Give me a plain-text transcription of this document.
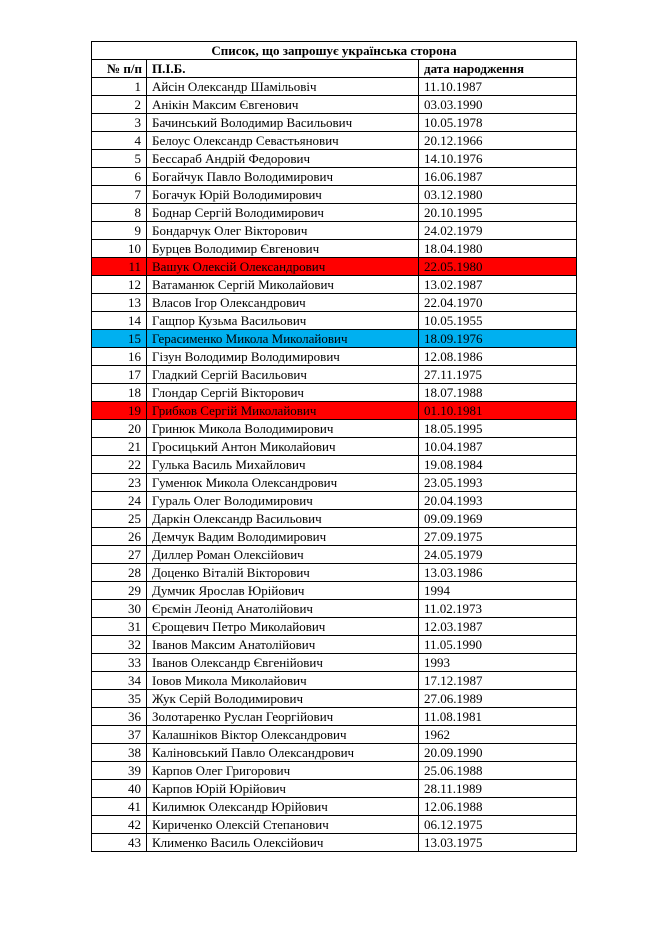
Список, що запрошує українська сторона		
№ п/п	П.І.Б.	дата народження
1	Айсін Олександр Шамільовіч	11.10.1987
2	Анікін Максим Євгенович	03.03.1990
3	Бачинський Володимир Васильович	10.05.1978
4	Белоус Олександр Севастьянович	20.12.1966
5	Бессараб Андрій Федорович	14.10.1976
6	Богайчук Павло Володимирович	16.06.1987
7	Богачук Юрій Володимирович	03.12.1980
8	Боднар Сергій Володимирович	20.10.1995
9	Бондарчук Олег Вікторович	24.02.1979
10	Бурцев Володимир Євгенович	18.04.1980
11	Вашук Олексій Олександрович	22.05.1980
12	Ватаманюк Сергій Миколайович	13.02.1987
13	Власов Ігор Олександрович	22.04.1970
14	Гащпор Кузьма Васильович	10.05.1955
15	Герасименко Микола Миколайович	18.09.1976
16	Гізун Володимир Володимирович	12.08.1986
17	Гладкий Сергій Васильович	27.11.1975
18	Глондар Сергій Вікторович	18.07.1988
19	Грибков Сергій Миколайович	01.10.1981
20	Гринюк Микола Володимирович	18.05.1995
21	Гросицький Антон Миколайович	10.04.1987
22	Гулька Василь Михайлович	19.08.1984
23	Гуменюк Микола Олександрович	23.05.1993
24	Гураль Олег Володимирович	20.04.1993
25	Даркін Олександр Васильович	09.09.1969
26	Демчук Вадим Володимирович	27.09.1975
27	Диллер Роман Олексійович	24.05.1979
28	Доценко Віталій Вікторович	13.03.1986
29	Думчик Ярослав Юрійович	1994
30	Єрємін Леонід Анатолійович	11.02.1973
31	Єрощевич Петро Миколайович	12.03.1987
32	Іванов Максим Анатолійович	11.05.1990
33	Іванов Олександр Євгенійович	1993
34	Іовов Микола Миколайович	17.12.1987
35	Жук Серій Володимирович	27.06.1989
36	Золотаренко Руслан Георгійович	11.08.1981
37	Калашніков Віктор Олександрович	1962
38	Каліновський Павло Олександрович	20.09.1990
39	Карпов Олег Григорович	25.06.1988
40	Карпов Юрій Юрійович	28.11.1989
41	Килимюк Олександр Юрійович	12.06.1988
42	Кириченко Олексій Степанович	06.12.1975
43	Клименко Василь Олексійович	13.03.1975
